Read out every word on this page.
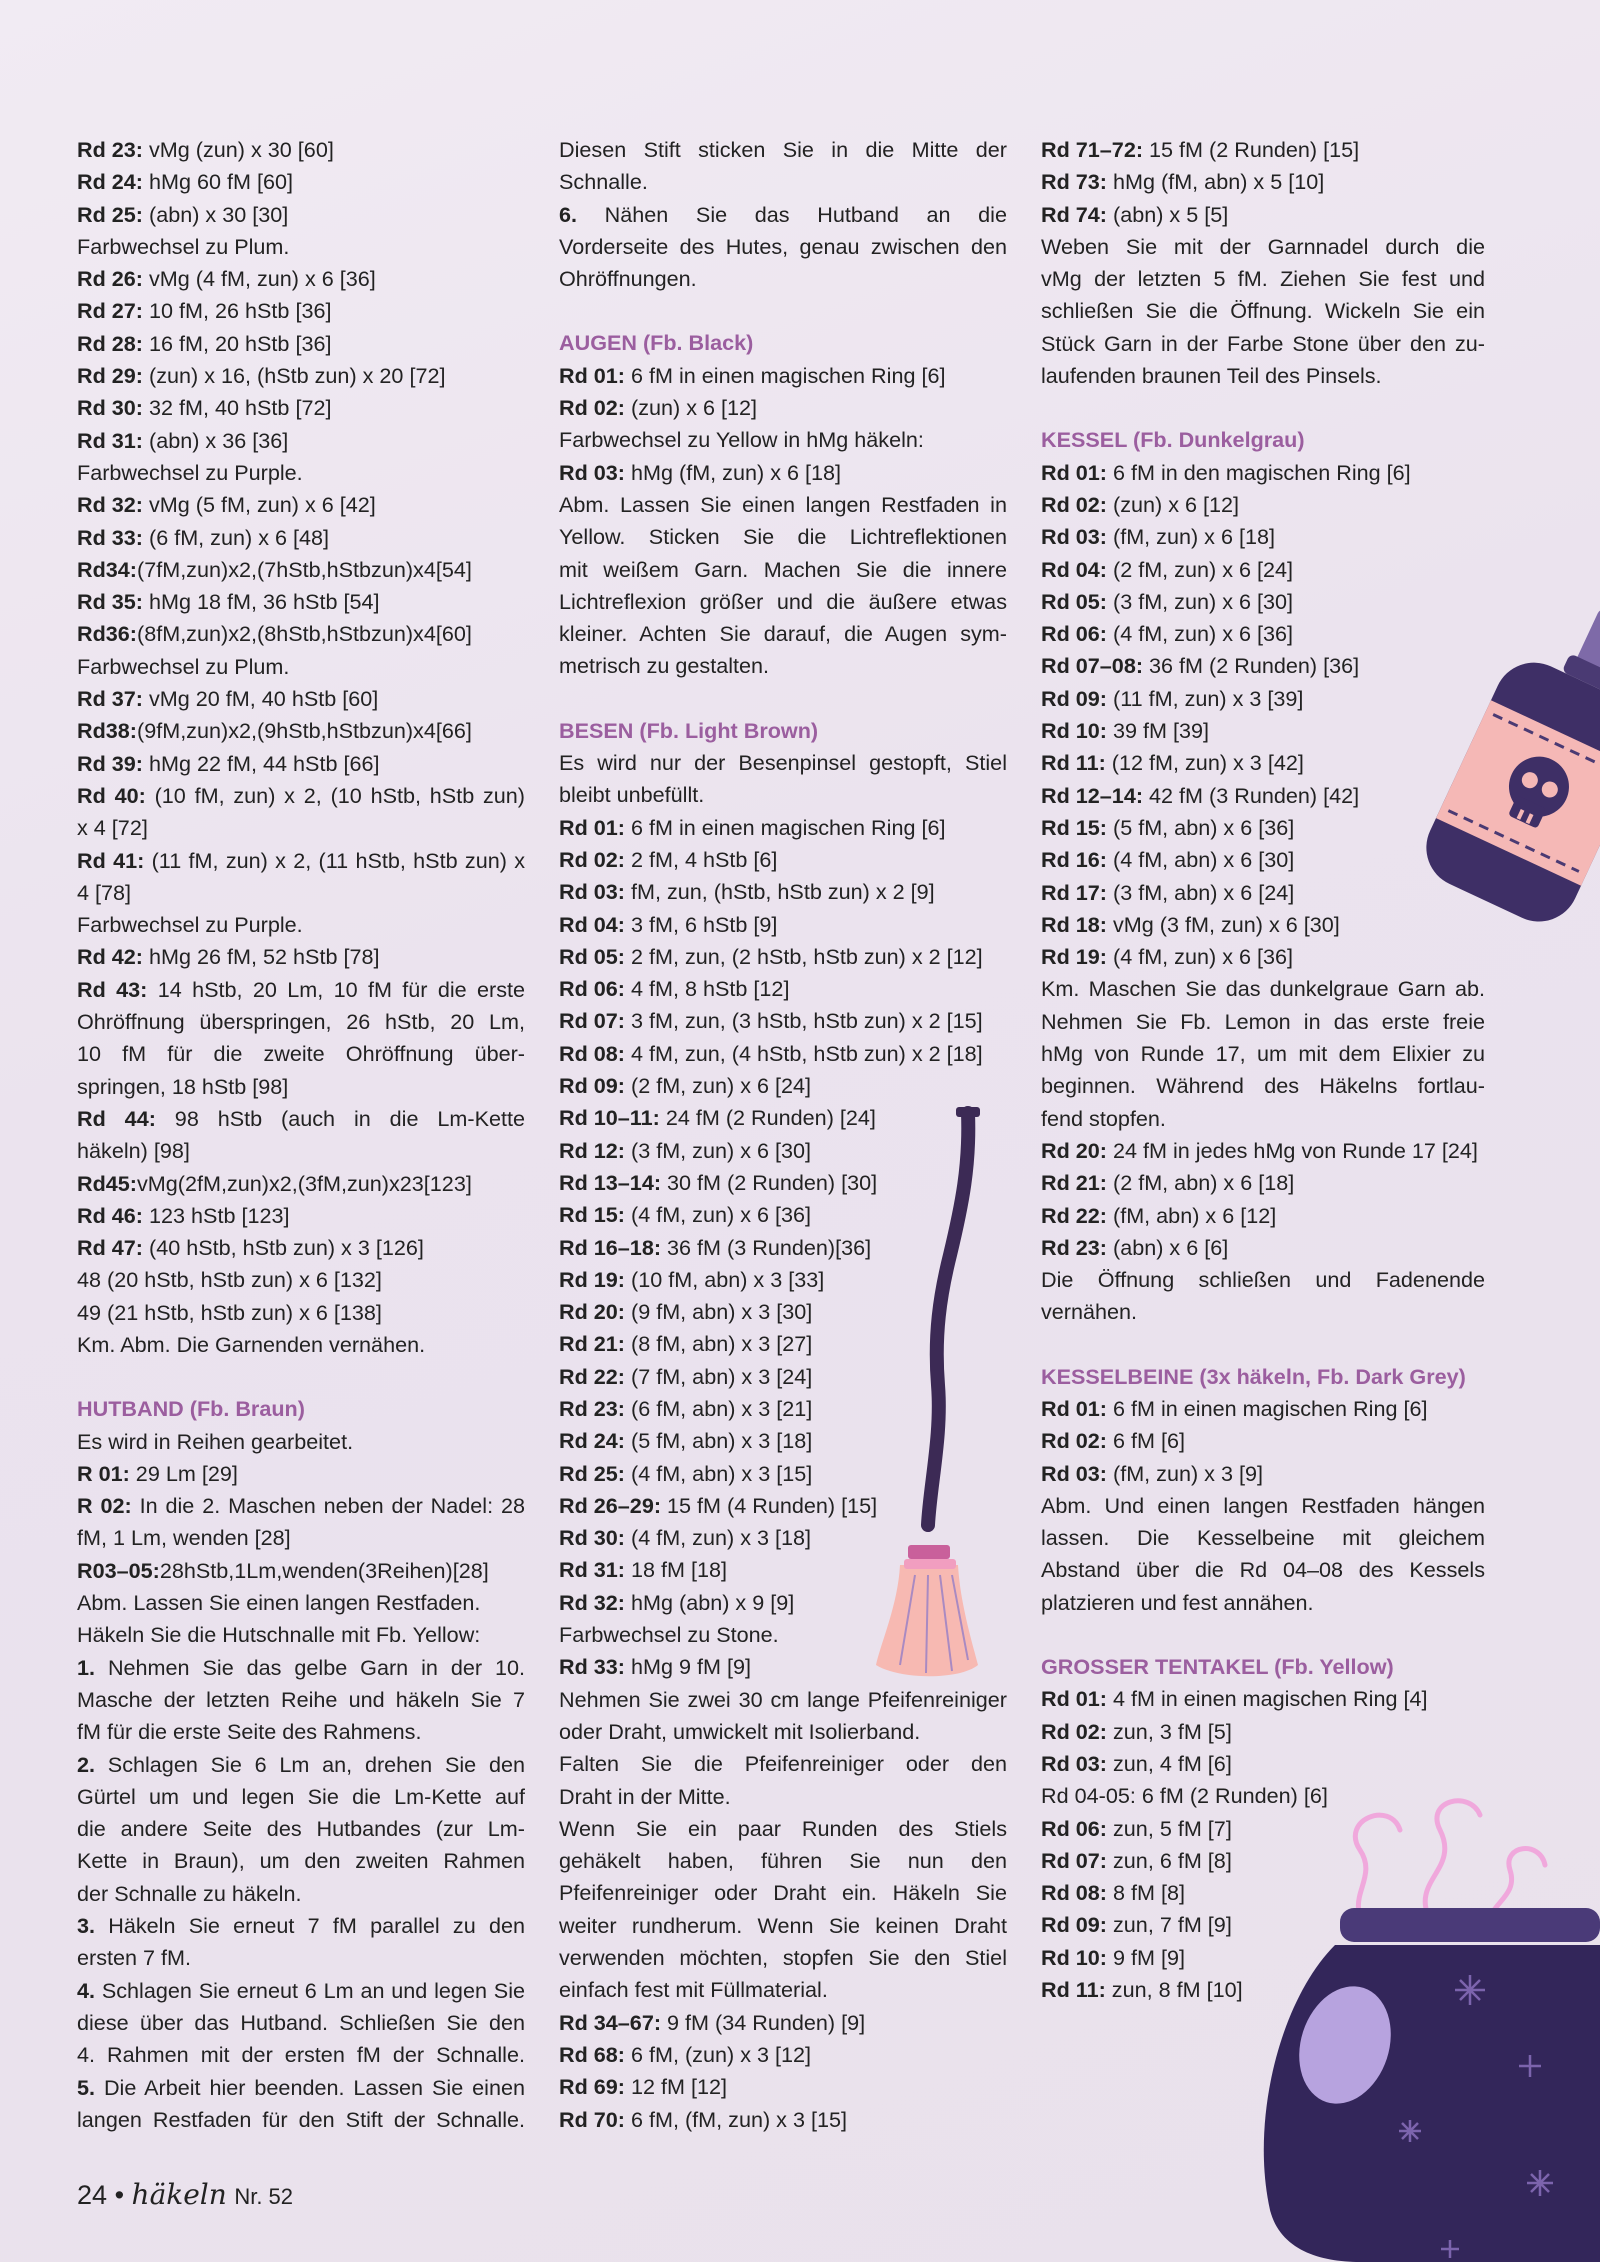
Rd 23: vMg (zun) x 30 [60]
Rd 24: hMg 60 fM [60]
Rd 25: (abn) x 30 [30]
Farbwechsel zu Plum.
Rd 26: vMg (4 fM, zun) x 6 [36]
Rd 27: 10 fM, 26 hStb [36]
Rd 28: 16 fM, 20 hStb [36]
Rd 29: (zun) x 16, (hStb zun) x 20 [72]
Rd 30: 32 fM, 40 hStb [72]
Rd 31: (abn) x 36 [36]
Farbwechsel zu Purple.
Rd 32: vMg (5 fM, zun) x 6 [42]
Rd 33: (6 fM, zun) x 6 [48]
Rd34:(7fM,zun)x2,(7hStb,hStbzun)x4[54]
Rd 35: hMg 18 fM, 36 hStb [54]
Rd36:(8fM,zun)x2,(8hStb,hStbzun)x4[60]
Farbwechsel zu Plum.
Rd 37: vMg 20 fM, 40 hStb [60]
Rd38:(9fM,zun)x2,(9hStb,hStbzun)x4[66]
Rd 39: hMg 22 fM, 44 hStb [66]
Rd 40: (10 fM, zun) x 2, (10 hStb, hStb zun)
x 4 [72]
Rd 41: (11 fM, zun) x 2, (11 hStb, hStb zun) x
4 [78]
Farbwechsel zu Purple.
Rd 42: hMg 26 fM, 52 hStb [78]
Rd 43: 14 hStb, 20 Lm, 10 fM für die erste
Ohröffnung überspringen, 26 hStb, 20 Lm,
10 fM für die zweite Ohröffnung über-
springen, 18 hStb [98]
Rd 44: 98 hStb (auch in die Lm-Kette
häkeln) [98]
Rd45:vMg(2fM,zun)x2,(3fM,zun)x23[123]
Rd 46: 123 hStb [123]
Rd 47: (40 hStb, hStb zun) x 3 [126]
48 (20 hStb, hStb zun) x 6 [132]
49 (21 hStb, hStb zun) x 6 [138]
Km. Abm. Die Garnenden vernähen.
HUTBAND (Fb. Braun)
Es wird in Reihen gearbeitet.
R 01: 29 Lm [29]
R 02: In die 2. Maschen neben der Nadel: 28
fM, 1 Lm, wenden [28]
R03–05:28hStb,1Lm,wenden(3Reihen)[28]
Abm. Lassen Sie einen langen Restfaden.
Häkeln Sie die Hutschnalle mit Fb. Yellow:
1. Nehmen Sie das gelbe Garn in der 10.
Masche der letzten Reihe und häkeln Sie 7
fM für die erste Seite des Rahmens.
2. Schlagen Sie 6 Lm an, drehen Sie den
Gürtel um und legen Sie die Lm-Kette auf
die andere Seite des Hutbandes (zur Lm-
Kette in Braun), um den zweiten Rahmen
der Schnalle zu häkeln.
3. Häkeln Sie erneut 7 fM parallel zu den
ersten 7 fM.
4. Schlagen Sie erneut 6 Lm an und legen Sie
diese über das Hutband. Schließen Sie den
4. Rahmen mit der ersten fM der Schnalle.
5. Die Arbeit hier beenden. Lassen Sie einen
langen Restfaden für den Stift der Schnalle.
Diesen Stift sticken Sie in die Mitte der
Schnalle.
6. Nähen Sie das Hutband an die
Vorderseite des Hutes, genau zwischen den
Ohröffnungen.
AUGEN (Fb. Black)
Rd 01: 6 fM in einen magischen Ring [6]
Rd 02: (zun) x 6 [12]
Farbwechsel zu Yellow in hMg häkeln:
Rd 03: hMg (fM, zun) x 6 [18]
Abm. Lassen Sie einen langen Restfaden in
Yellow. Sticken Sie die Lichtreflektionen
mit weißem Garn. Machen Sie die innere
Lichtreflexion größer und die äußere etwas
kleiner. Achten Sie darauf, die Augen sym-
metrisch zu gestalten.
BESEN (Fb. Light Brown)
Es wird nur der Besenpinsel gestopft, Stiel
bleibt unbefüllt.
Rd 01: 6 fM in einen magischen Ring [6]
Rd 02: 2 fM, 4 hStb [6]
Rd 03: fM, zun, (hStb, hStb zun) x 2 [9]
Rd 04: 3 fM, 6 hStb [9]
Rd 05: 2 fM, zun, (2 hStb, hStb zun) x 2 [12]
Rd 06: 4 fM, 8 hStb [12]
Rd 07: 3 fM, zun, (3 hStb, hStb zun) x 2 [15]
Rd 08: 4 fM, zun, (4 hStb, hStb zun) x 2 [18]
Rd 09: (2 fM, zun) x 6 [24]
Rd 10–11: 24 fM (2 Runden) [24]
Rd 12: (3 fM, zun) x 6 [30]
Rd 13–14: 30 fM (2 Runden) [30]
Rd 15: (4 fM, zun) x 6 [36]
Rd 16–18: 36 fM (3 Runden)[36]
Rd 19: (10 fM, abn) x 3 [33]
Rd 20: (9 fM, abn) x 3 [30]
Rd 21: (8 fM, abn) x 3 [27]
Rd 22: (7 fM, abn) x 3 [24]
Rd 23: (6 fM, abn) x 3 [21]
Rd 24: (5 fM, abn) x 3 [18]
Rd 25: (4 fM, abn) x 3 [15]
Rd 26–29: 15 fM (4 Runden) [15]
Rd 30: (4 fM, zun) x 3 [18]
Rd 31: 18 fM [18]
Rd 32: hMg (abn) x 9 [9]
Farbwechsel zu Stone.
Rd 33: hMg 9 fM [9]
Nehmen Sie zwei 30 cm lange Pfeifenreiniger
oder Draht, umwickelt mit Isolierband.
Falten Sie die Pfeifenreiniger oder den
Draht in der Mitte.
Wenn Sie ein paar Runden des Stiels
gehäkelt haben, führen Sie nun den
Pfeifenreiniger oder Draht ein. Häkeln Sie
weiter rundherum. Wenn Sie keinen Draht
verwenden möchten, stopfen Sie den Stiel
einfach fest mit Füllmaterial.
Rd 34–67: 9 fM (34 Runden) [9]
Rd 68: 6 fM, (zun) x 3 [12]
Rd 69: 12 fM [12]
Rd 70: 6 fM, (fM, zun) x 3 [15]
Rd 71–72: 15 fM (2 Runden) [15]
Rd 73: hMg (fM, abn) x 5 [10]
Rd 74: (abn) x 5 [5]
Weben Sie mit der Garnnadel durch die
vMg der letzten 5 fM. Ziehen Sie fest und
schließen Sie die Öffnung. Wickeln Sie ein
Stück Garn in der Farbe Stone über den zu-
laufenden braunen Teil des Pinsels.
KESSEL (Fb. Dunkelgrau)
Rd 01: 6 fM in den magischen Ring [6]
Rd 02: (zun) x 6 [12]
Rd 03: (fM, zun) x 6 [18]
Rd 04: (2 fM, zun) x 6 [24]
Rd 05: (3 fM, zun) x 6 [30]
Rd 06: (4 fM, zun) x 6 [36]
Rd 07–08: 36 fM (2 Runden) [36]
Rd 09: (11 fM, zun) x 3 [39]
Rd 10: 39 fM [39]
Rd 11: (12 fM, zun) x 3 [42]
Rd 12–14: 42 fM (3 Runden) [42]
Rd 15: (5 fM, abn) x 6 [36]
Rd 16: (4 fM, abn) x 6 [30]
Rd 17: (3 fM, abn) x 6 [24]
Rd 18: vMg (3 fM, zun) x 6 [30]
Rd 19: (4 fM, zun) x 6 [36]
Km. Maschen Sie das dunkelgraue Garn ab.
Nehmen Sie Fb. Lemon in das erste freie
hMg von Runde 17, um mit dem Elixier zu
beginnen. Während des Häkelns fortlau-
fend stopfen.
Rd 20: 24 fM in jedes hMg von Runde 17 [24]
Rd 21: (2 fM, abn) x 6 [18]
Rd 22: (fM, abn) x 6 [12]
Rd 23: (abn) x 6 [6]
Die Öffnung schließen und Fadenende
vernähen.
KESSELBEINE (3x häkeln, Fb. Dark Grey)
Rd 01: 6 fM in einen magischen Ring [6]
Rd 02: 6 fM [6]
Rd 03: (fM, zun) x 3 [9]
Abm. Und einen langen Restfaden hängen
lassen. Die Kesselbeine mit gleichem
Abstand über die Rd 04–08 des Kessels
platzieren und fest annähen.
GROSSER TENTAKEL (Fb. Yellow)
Rd 01: 4 fM in einen magischen Ring [4]
Rd 02: zun, 3 fM [5]
Rd 03: zun, 4 fM [6]
Rd 04-05: 6 fM (2 Runden) [6]
Rd 06: zun, 5 fM [7]
Rd 07: zun, 6 fM [8]
Rd 08: 8 fM [8]
Rd 09: zun, 7 fM [9]
Rd 10: 9 fM [9]
Rd 11: zun, 8 fM [10]
24 • häkeln Nr. 52
